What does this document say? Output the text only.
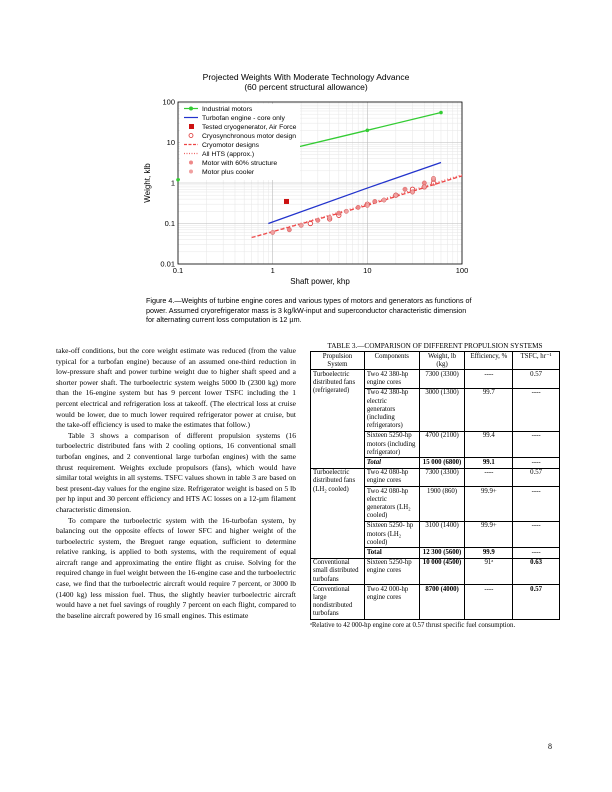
Projected Weights With Moderate Technology Advance
(60 percent structural allowance)
0.1	1	10	100
0.01
0.1
1
10
100
Shaft power, khp
Weight, klb
Industrial motors
Turbofan engine - core only
Tested cryogenerator, Air Force
Cryosynchronous motor design
Cryomotor designs
All HTS (approx.)
Motor with 60% structure
Motor plus cooler
Figure 4.—Weights of turbine engine cores and various types of motors and generators as functions of power. Assumed cryorefrigerator mass is 3 kg/kW-input and superconductor characteristic dimension for alternating current loss computation is 12 µm.

take-off conditions, but the core weight estimate was reduced (from the value typical for a turbofan engine) because of an assumed one-third reduction in low-pressure shaft and power turbine weight due to higher shaft speed and a shorter power shaft. The turboelectric system weighs 5000 lb (2300 kg) more than the 16-engine system but has 9 percent lower TSFC including the 1 percent electrical and refrigeration loss at takeoff. (The electrical loss at cruise would be lower, due to much lower required refrigerator power at cruise, but the take-off efficiency is used to make the estimates that follow.)

Table 3 shows a comparison of different propulsion systems (16 turboelectric distributed fans with 2 cooling options, 16 conventional small turbofan engines, and 2 conventional large turbofan engines) with the same thrust requirement. Weights exclude propulsors (fans), which would have similar total weights in all systems. TSFC values shown in table 3 are based on best present-day values for the engine size. Refrigerator weight is based on 5 lb per hp input and 30 percent efficiency and HTS AC losses on a 12-µm filament characteristic dimension.

To compare the turboelectric system with the 16-turbofan system, by balancing out the opposite effects of lower SFC and higher weight of the turboelectric system, the Breguet range equation, sufficient to determine relative ranking, is applied to both systems, with the requirement of equal aircraft range and approximating the entire flight as cruise. Solving for the required change in fuel weight between the 16-engine case and the turboelectric case, we find that the turboelectric aircraft would require 7 percent, or 3000 lb (1400 kg) less mission fuel. Thus, the slightly heavier turboelectric aircraft would have a net fuel savings of roughly 7 percent on each flight, compared to the baseline aircraft powered by 16 small engines. This estimate

TABLE 3.—COMPARISON OF DIFFERENT PROPULSION SYSTEMS
Propulsion System	Components	Weight, lb (kg)	Efficiency, %	TSFC, hr⁻¹
Turboelectric distributed fans (refrigerated)	Two 42 380-hp engine cores	7300 (3300)	----	0.57
	Two 42 380-hp electric generators (including refrigerators)	3000 (1300)	99.7	----
	Sixteen 5250-hp motors (including refrigerator)	4700 (2100)	99.4	----
	Total	15 000 (6800)	99.1	----
Turboelectric distributed fans (LH₂ cooled)	Two 42 080-hp engine cores	7300 (3300)	----	0.57
	Two 42 080-hp electric generators (LH₂ cooled)	1900 (860)	99.9+	----
	Sixteen 5250- hp motors (LH₂ cooled)	3100 (1400)	99.9+	----
	Total	12 300 (5600)	99.9	----
Conventional small distributed turbofans	Sixteen 5250-hp engine cores	10 000 (4500)	91ᵃ	0.63
Conventional large nondistributed turbofans	Two 42 000-hp engine cores	8700 (4000)	----	0.57
ᵃRelative to 42 000-hp engine core at 0.57 thrust specific fuel consumption.
8
